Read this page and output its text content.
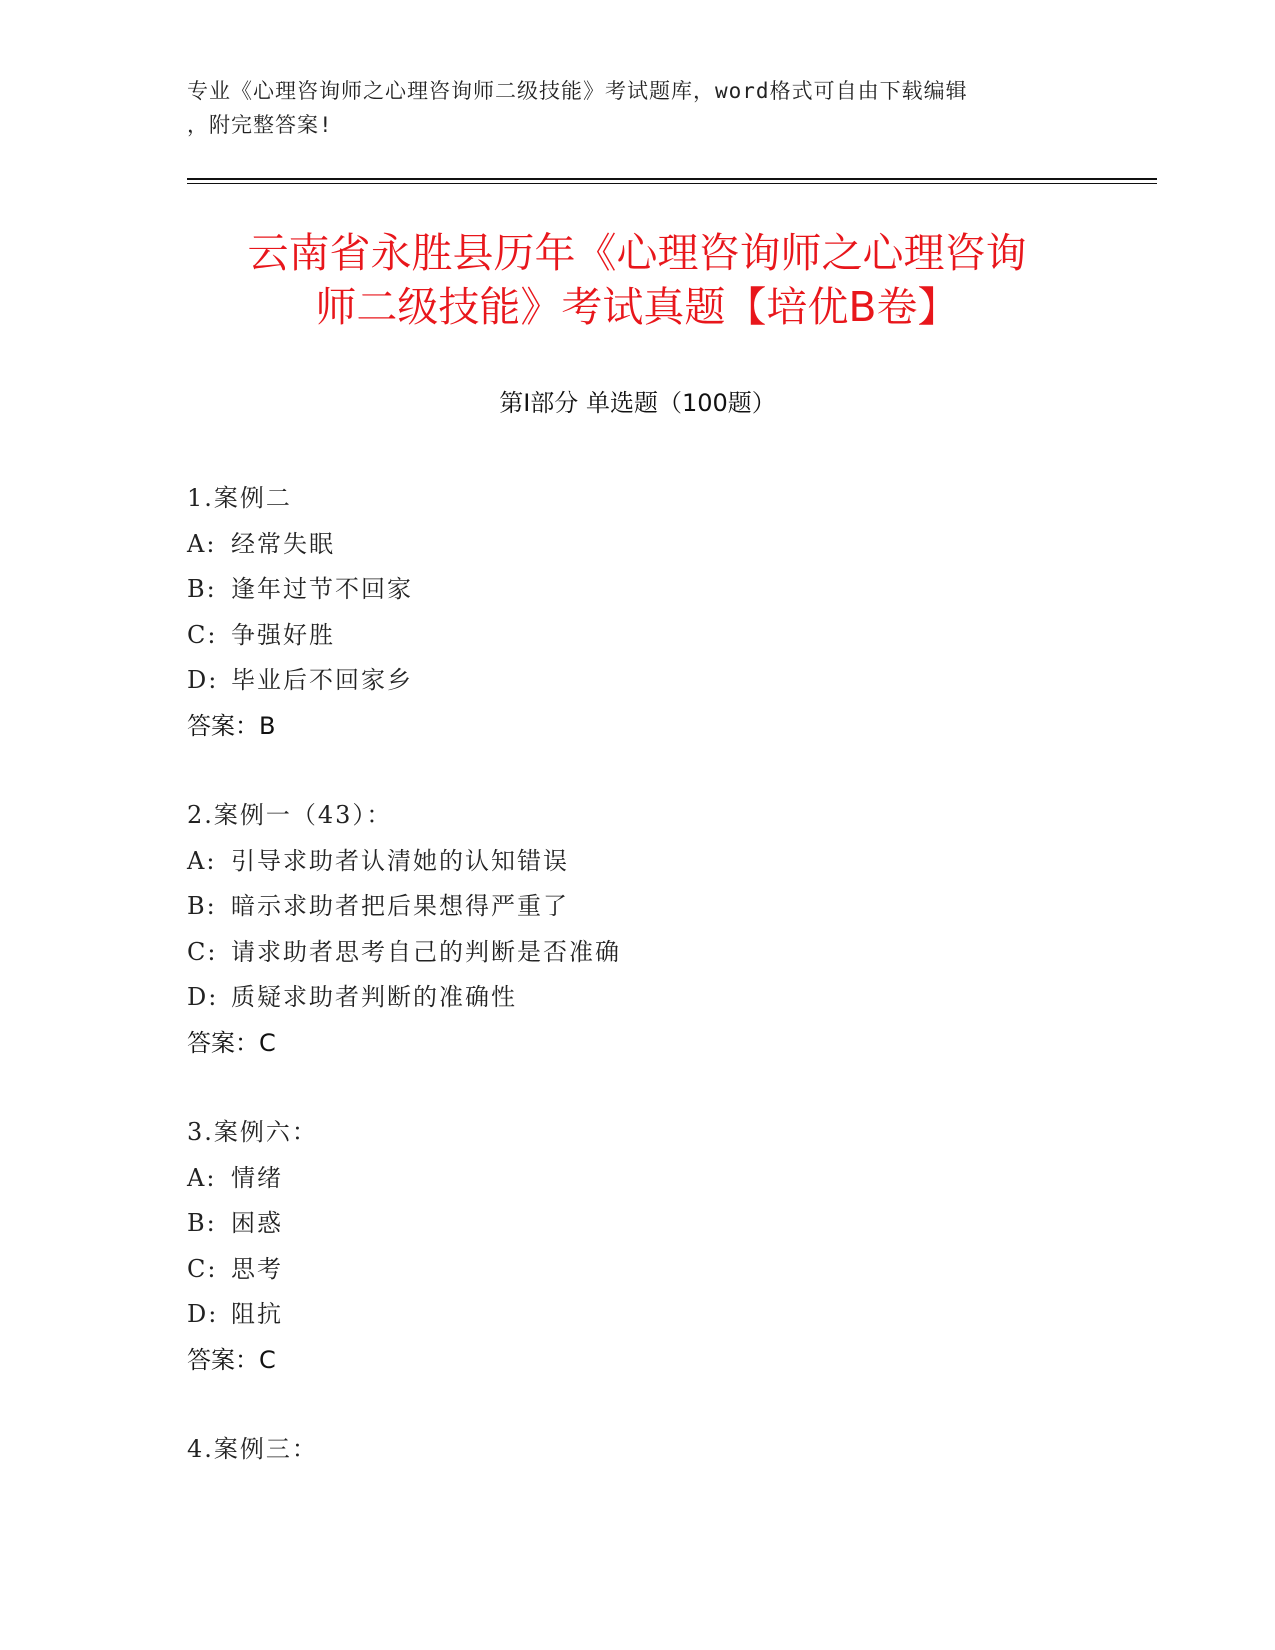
专业《心理咨询师之心理咨询师二级技能》考试题库，word格式可自由下载编辑
，附完整答案!
云南省永胜县历年《心理咨询师之心理咨询
师二级技能》考试真题【培优B卷】
第Ⅰ部分 单选题（100题）
1.案例二
A: 经常失眠
B: 逢年过节不回家
C: 争强好胜
D: 毕业后不回家乡
答案：B
2.案例一（43）：
A: 引导求助者认清她的认知错误
B: 暗示求助者把后果想得严重了
C: 请求助者思考自己的判断是否准确
D: 质疑求助者判断的准确性
答案：C
3.案例六：
A: 情绪
B: 困惑
C: 思考
D: 阻抗
答案：C
4.案例三：
